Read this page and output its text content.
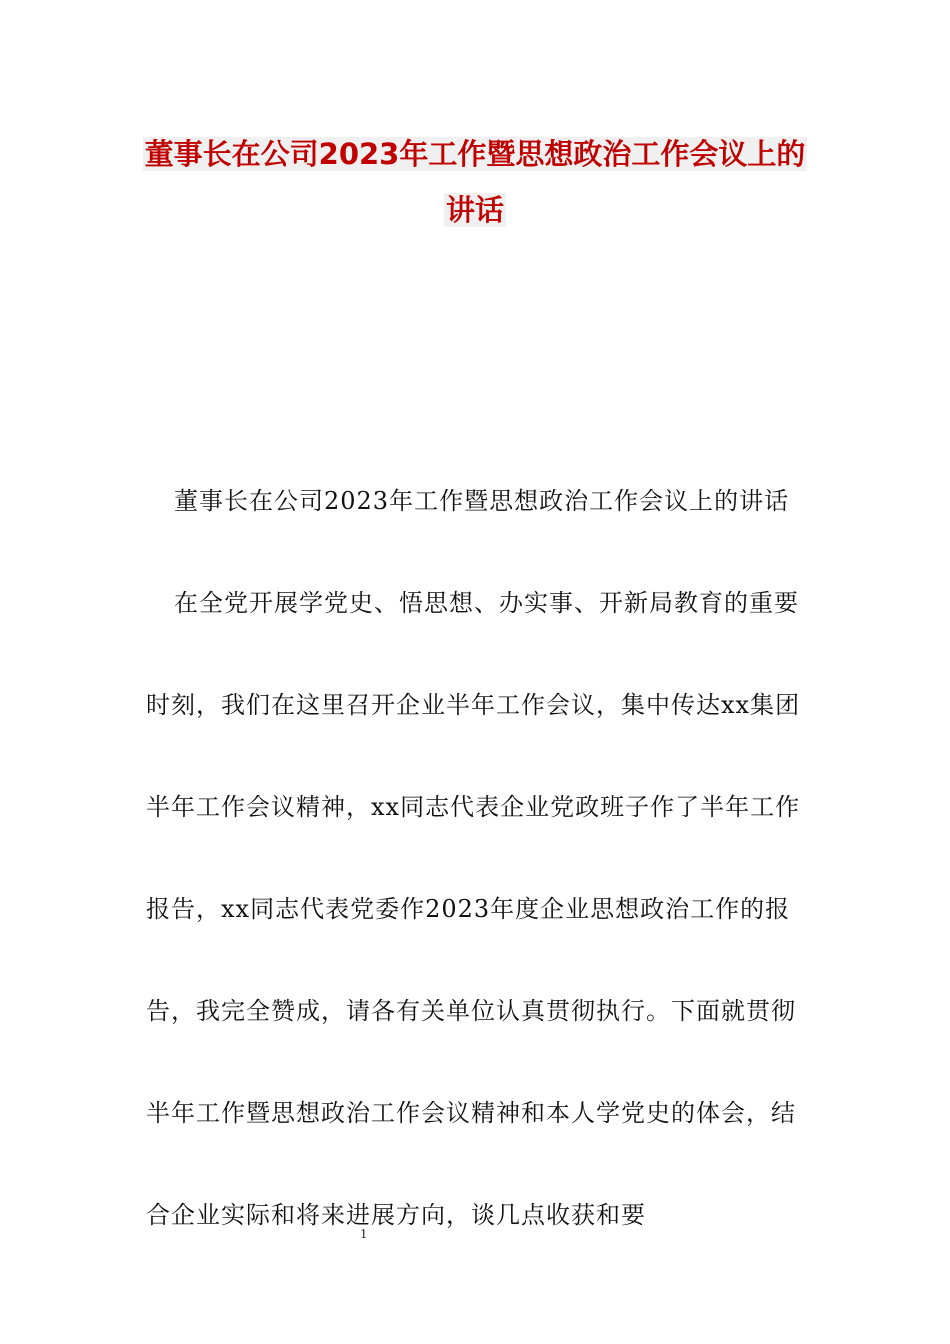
董事长在公司2023年工作暨思想政治工作会议上的
讲话

董事长在公司2023年工作暨思想政治工作会议上的讲话

在全党开展学党史、悟思想、办实事、开新局教育的重要时刻，我们在这里召开企业半年工作会议，集中传达xx集团半年工作会议精神，xx同志代表企业党政班子作了半年工作报告，xx同志代表党委作2023年度企业思想政治工作的报告，我完全赞成，请各有关单位认真贯彻执行。下面就贯彻半年工作暨思想政治工作会议精神和本人学党史的体会，结合企业实际和将来进展方向，谈几点收获和要

1
